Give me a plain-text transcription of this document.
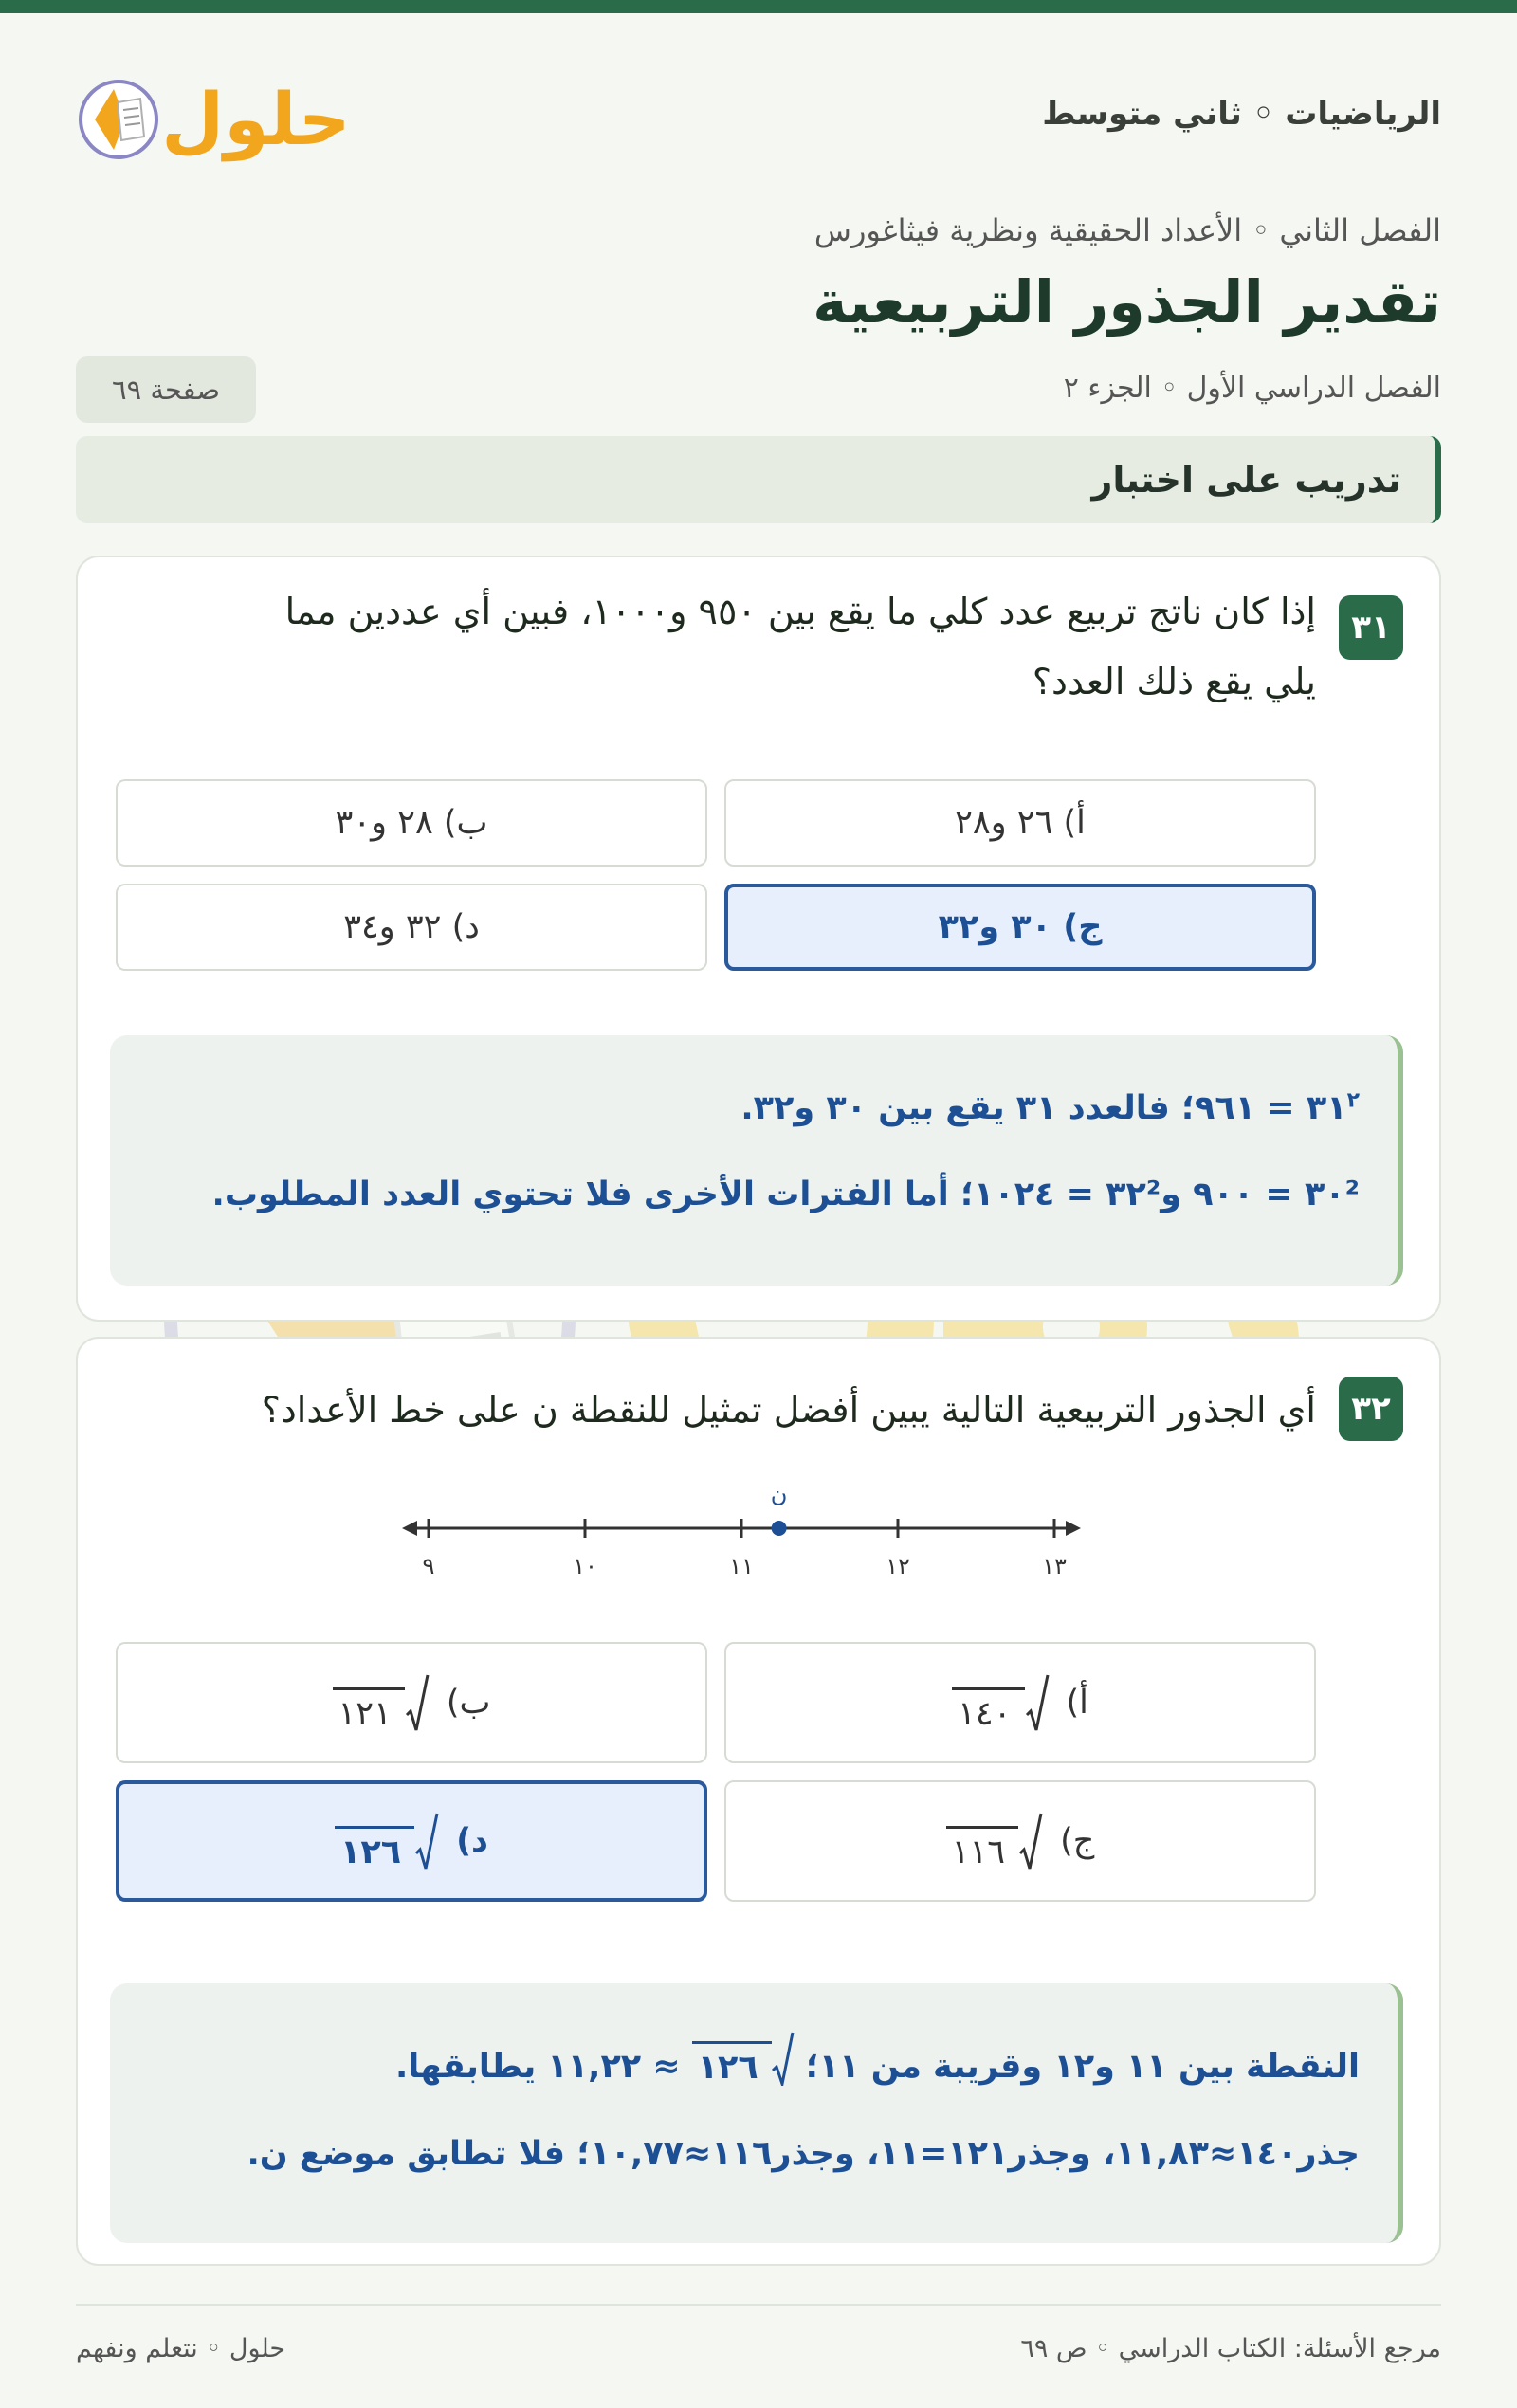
الرياضيات ◦ ثاني متوسط
حلول
الفصل الثاني ◦ الأعداد الحقيقية ونظرية فيثاغورس
تقدير الجذور التربيعية
الفصل الدراسي الأول ◦ الجزء ٢
صفحة ٦٩
تدريب على اختبار
٣١
إذا كان ناتج تربيع عدد كلي ما يقع بين ٩٥٠ و١٠٠٠، فبين أي عددين مما
يلي يقع ذلك العدد؟
أ) ٢٦ و٢٨
ب) ٢٨ و٣٠
ج) ٣٠ و٣٢
د) ٣٢ و٣٤
$٣١^٢$ = ٩٦١؛ فالعدد ٣١ يقع بين ٣٠ و٣٢.
٣٠² = ٩٠٠ و٣٢² = ١٠٢٤؛ أما الفترات الأخرى فلا تحتوي العدد المطلوب.
٣٢
أي الجذور التربيعية التالية يبين أفضل تمثيل للنقطة ن على خط الأعداد؟
٩	١٠	١١	١٢	١٣
ن
أ)
١٤٠
ب)
١٢١
ج)
١١٦
د)
١٢٦
النقطة بين ١١ و١٢ وقريبة من ١١؛
١٢٦
≈ ١١,٢٢ يطابقها.
جذر١٤٠≈١١,٨٣، وجذر١٢١=١١، وجذر١١٦≈١٠,٧٧؛ فلا تطابق موضع ن.
مرجع الأسئلة: الكتاب الدراسي ◦ ص ٦٩
حلول ◦ نتعلم ونفهم
